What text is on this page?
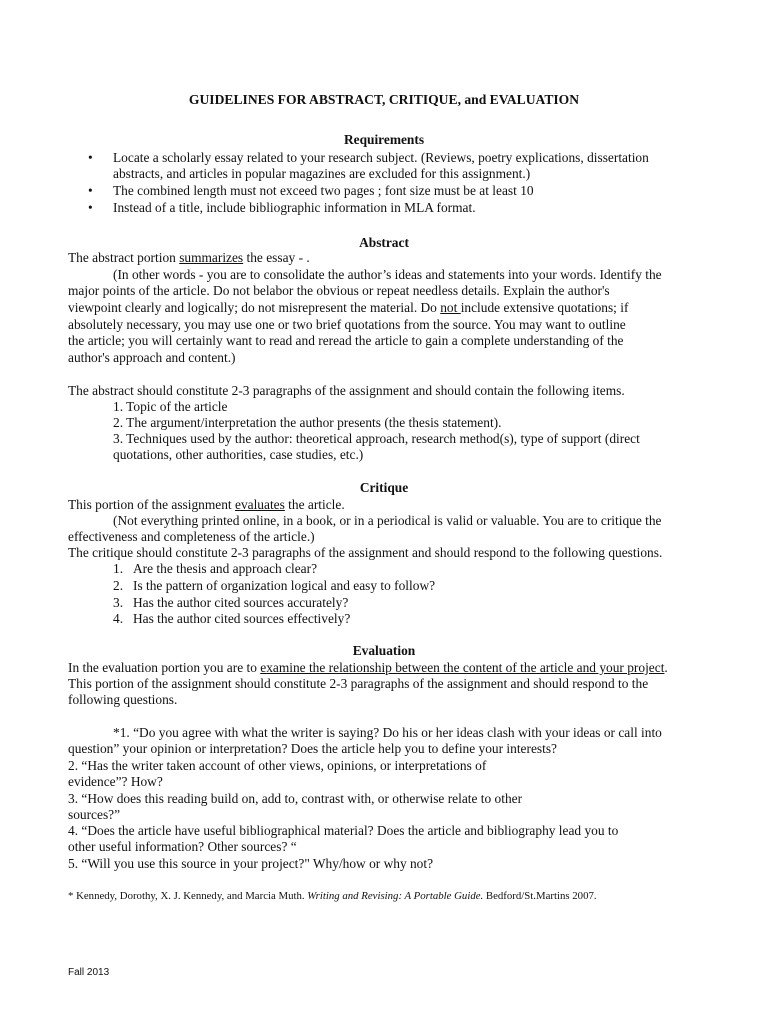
GUIDELINES FOR ABSTRACT, CRITIQUE, and EVALUATION
Requirements
•	Locate a scholarly essay related to your research subject. (Reviews, poetry explications, dissertation
abstracts, and articles in popular magazines are excluded for this assignment.)
•	The combined length must not exceed two pages ; font size must be at least 10
•	Instead of a title, include bibliographic information in MLA format.
Abstract
The abstract portion summarizes the essay - .
(In other words - you are to consolidate the author’s ideas and statements into your words. Identify the
major points of the article. Do not belabor the obvious or repeat needless details. Explain the author's
viewpoint clearly and logically; do not misrepresent the material. Do not include extensive quotations; if
absolutely necessary, you may use one or two brief quotations from the source. You may want to outline
the article; you will certainly want to read and reread the article to gain a complete understanding of the
author's approach and content.)
The abstract should constitute 2-3 paragraphs of the assignment and should contain the following items.
1. Topic of the article
2. The argument/interpretation the author presents (the thesis statement).
3. Techniques used by the author: theoretical approach, research method(s), type of support (direct
quotations, other authorities, case studies, etc.)
Critique
This portion of the assignment evaluates the article.
(Not everything printed online, in a book, or in a periodical is valid or valuable. You are to critique the
effectiveness and completeness of the article.)
The critique should constitute 2-3 paragraphs of the assignment and should respond to the following questions.
1. Are the thesis and approach clear?
2. Is the pattern of organization logical and easy to follow?
3. Has the author cited sources accurately?
4. Has the author cited sources effectively?
Evaluation
In the evaluation portion you are to examine the relationship between the content of the article and your project.
This portion of the assignment should constitute 2-3 paragraphs of the assignment and should respond to the
following questions.
*1. “Do you agree with what the writer is saying? Do his or her ideas clash with your ideas or call into
question” your opinion or interpretation? Does the article help you to define your interests?
2. “Has the writer taken account of other views, opinions, or interpretations of
evidence”? How?
3. “How does this reading build on, add to, contrast with, or otherwise relate to other
sources?”
4. “Does the article have useful bibliographical material? Does the article and bibliography lead you to
other useful information? Other sources? “
5. “Will you use this source in your project?" Why/how or why not?
* Kennedy, Dorothy, X. J. Kennedy, and Marcia Muth. Writing and Revising: A Portable Guide. Bedford/St.Martins 2007.
Fall 2013
